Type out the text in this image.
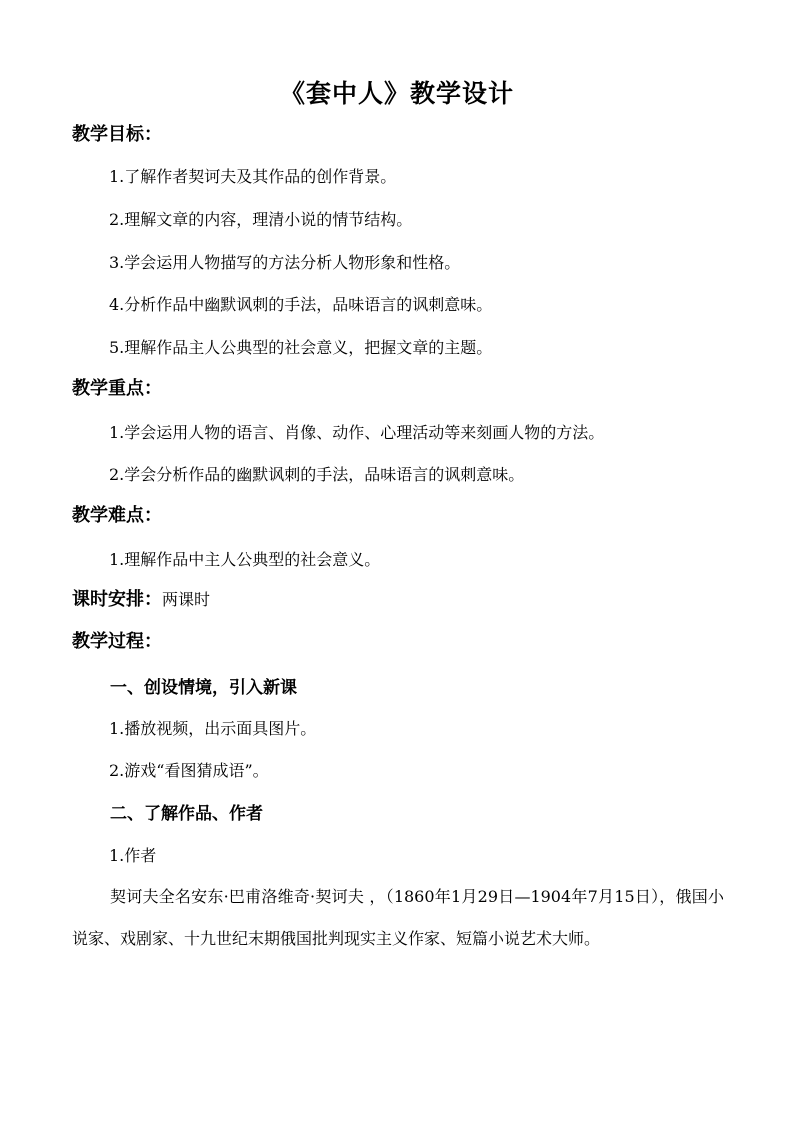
《套中人》教学设计
教学目标：
1.了解作者契诃夫及其作品的创作背景。
2.理解文章的内容，理清小说的情节结构。
3.学会运用人物描写的方法分析人物形象和性格。
4.分析作品中幽默讽刺的手法，品味语言的讽刺意味。
5.理解作品主人公典型的社会意义，把握文章的主题。
教学重点：
1.学会运用人物的语言、肖像、动作、心理活动等来刻画人物的方法。
2.学会分析作品的幽默讽刺的手法，品味语言的讽刺意味。
教学难点：
1.理解作品中主人公典型的社会意义。
课时安排：两课时
教学过程：
一、创设情境，引入新课
1.播放视频，出示面具图片。
2.游戏“看图猜成语”。
二、了解作品、作者
1.作者
契诃夫全名安东·巴甫洛维奇·契诃夫 ，（1860年1月29日—1904年7月15日），俄国小说家、戏剧家、十九世纪末期俄国批判现实主义作家、短篇小说艺术大师。
